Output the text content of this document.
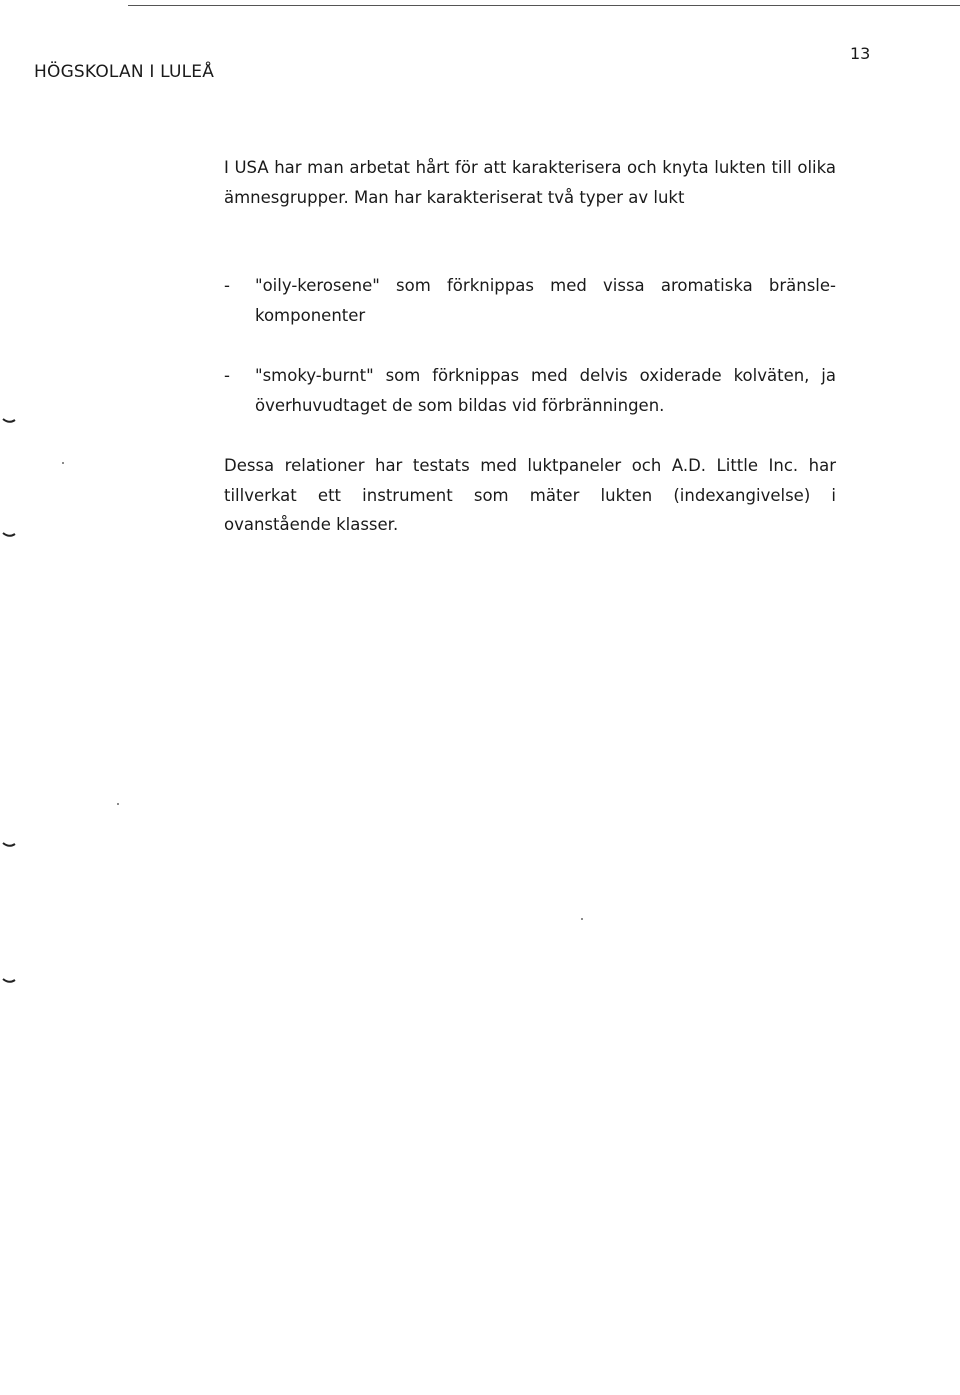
HÖGSKOLAN I LULEÅ
13
I USA har man arbetat hårt för att karakterisera och knyta lukten till olika ämnesgrupper. Man har karakteriserat två typer av lukt
- "oily-kerosene" som förknippas med vissa aromatiska bränsle-komponenter
- "smoky-burnt" som förknippas med delvis oxiderade kolväten, ja överhuvudtaget de som bildas vid förbränningen.
Dessa relationer har testats med luktpaneler och A.D. Little Inc. har tillverkat ett instrument som mäter lukten (indexangivelse) i ovanstående klasser.
